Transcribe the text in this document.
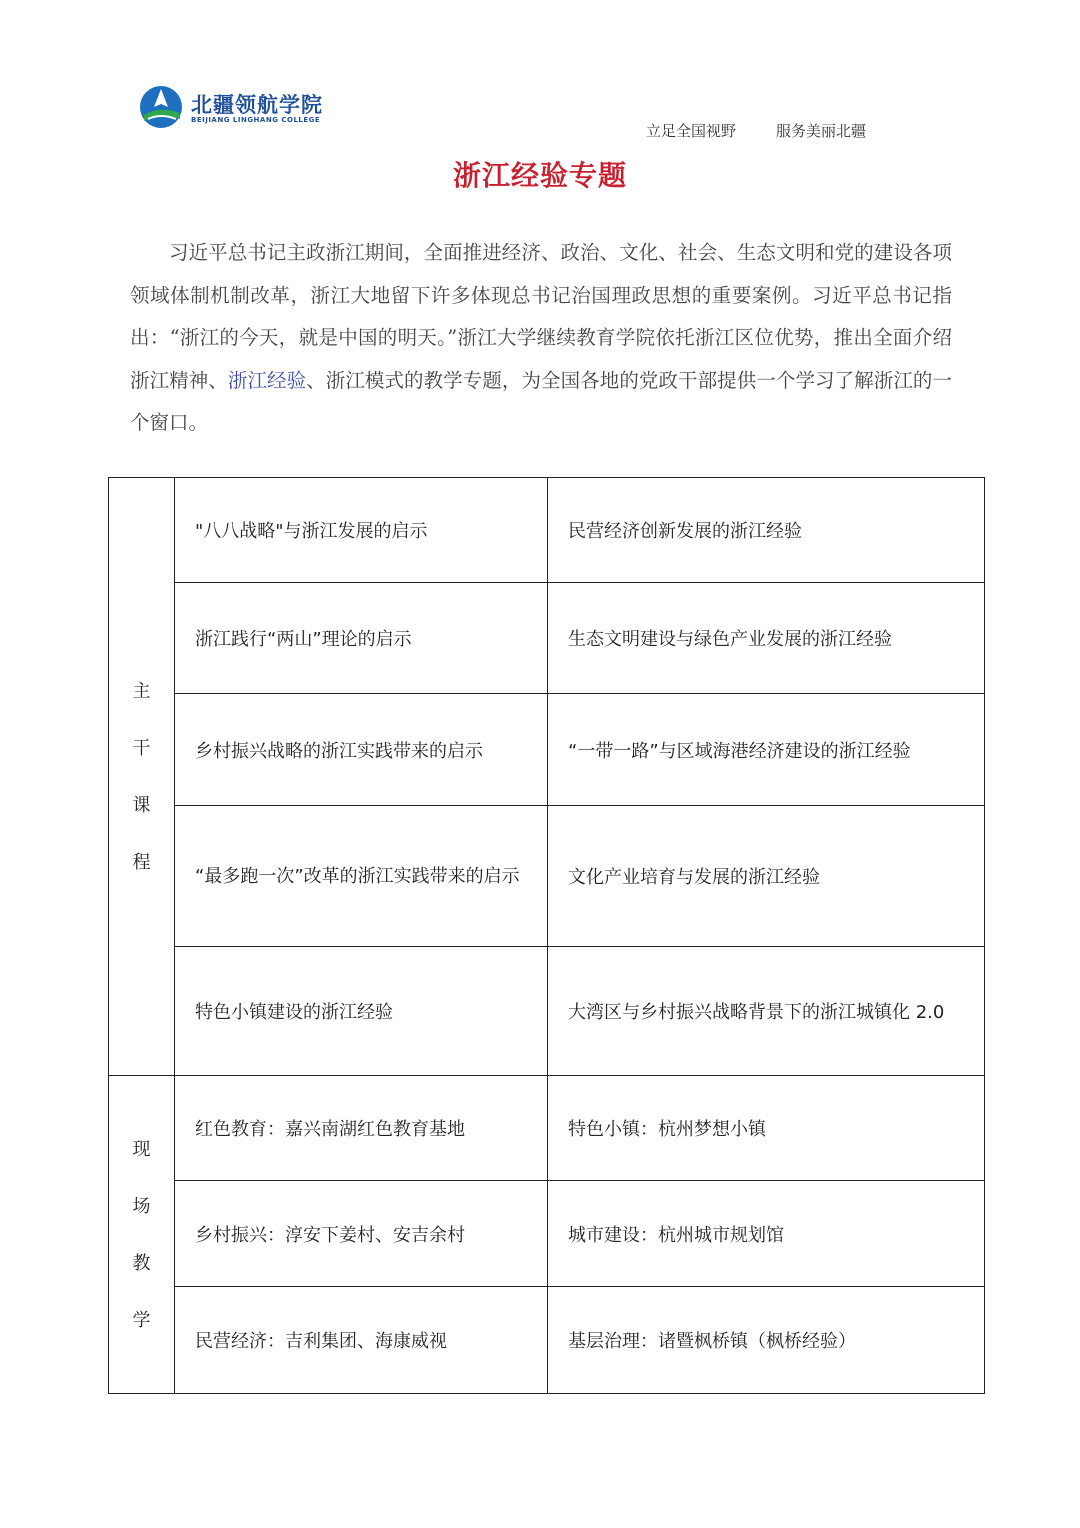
北疆领航学院
BEIJIANG LINGHANG COLLEGE
立足全国视野	服务美丽北疆
浙江经验专题

习近平总书记主政浙江期间，全面推进经济、政治、文化、社会、生态文明和党的建设各项领域体制机制改革，浙江大地留下许多体现总书记治国理政思想的重要案例。习近平总书记指出：“浙江的今天，就是中国的明天。”浙江大学继续教育学院依托浙江区位优势，推出全面介绍浙江精神、浙江经验、浙江模式的教学专题，为全国各地的党政干部提供一个学习了解浙江的一个窗口。

主
干
课
程	"八八战略"与浙江发展的启示	民营经济创新发展的浙江经验
	浙江践行“两山”理论的启示	生态文明建设与绿色产业发展的浙江经验
	乡村振兴战略的浙江实践带来的启示	“一带一路”与区域海港经济建设的浙江经验
	“最多跑一次”改革的浙江实践带来的启示	文化产业培育与发展的浙江经验
	特色小镇建设的浙江经验	大湾区与乡村振兴战略背景下的浙江城镇化 2.0

现
场
教
学	红色教育：嘉兴南湖红色教育基地	特色小镇：杭州梦想小镇
	乡村振兴：淳安下姜村、安吉余村	城市建设：杭州城市规划馆
	民营经济：吉利集团、海康威视	基层治理：诸暨枫桥镇（枫桥经验）
